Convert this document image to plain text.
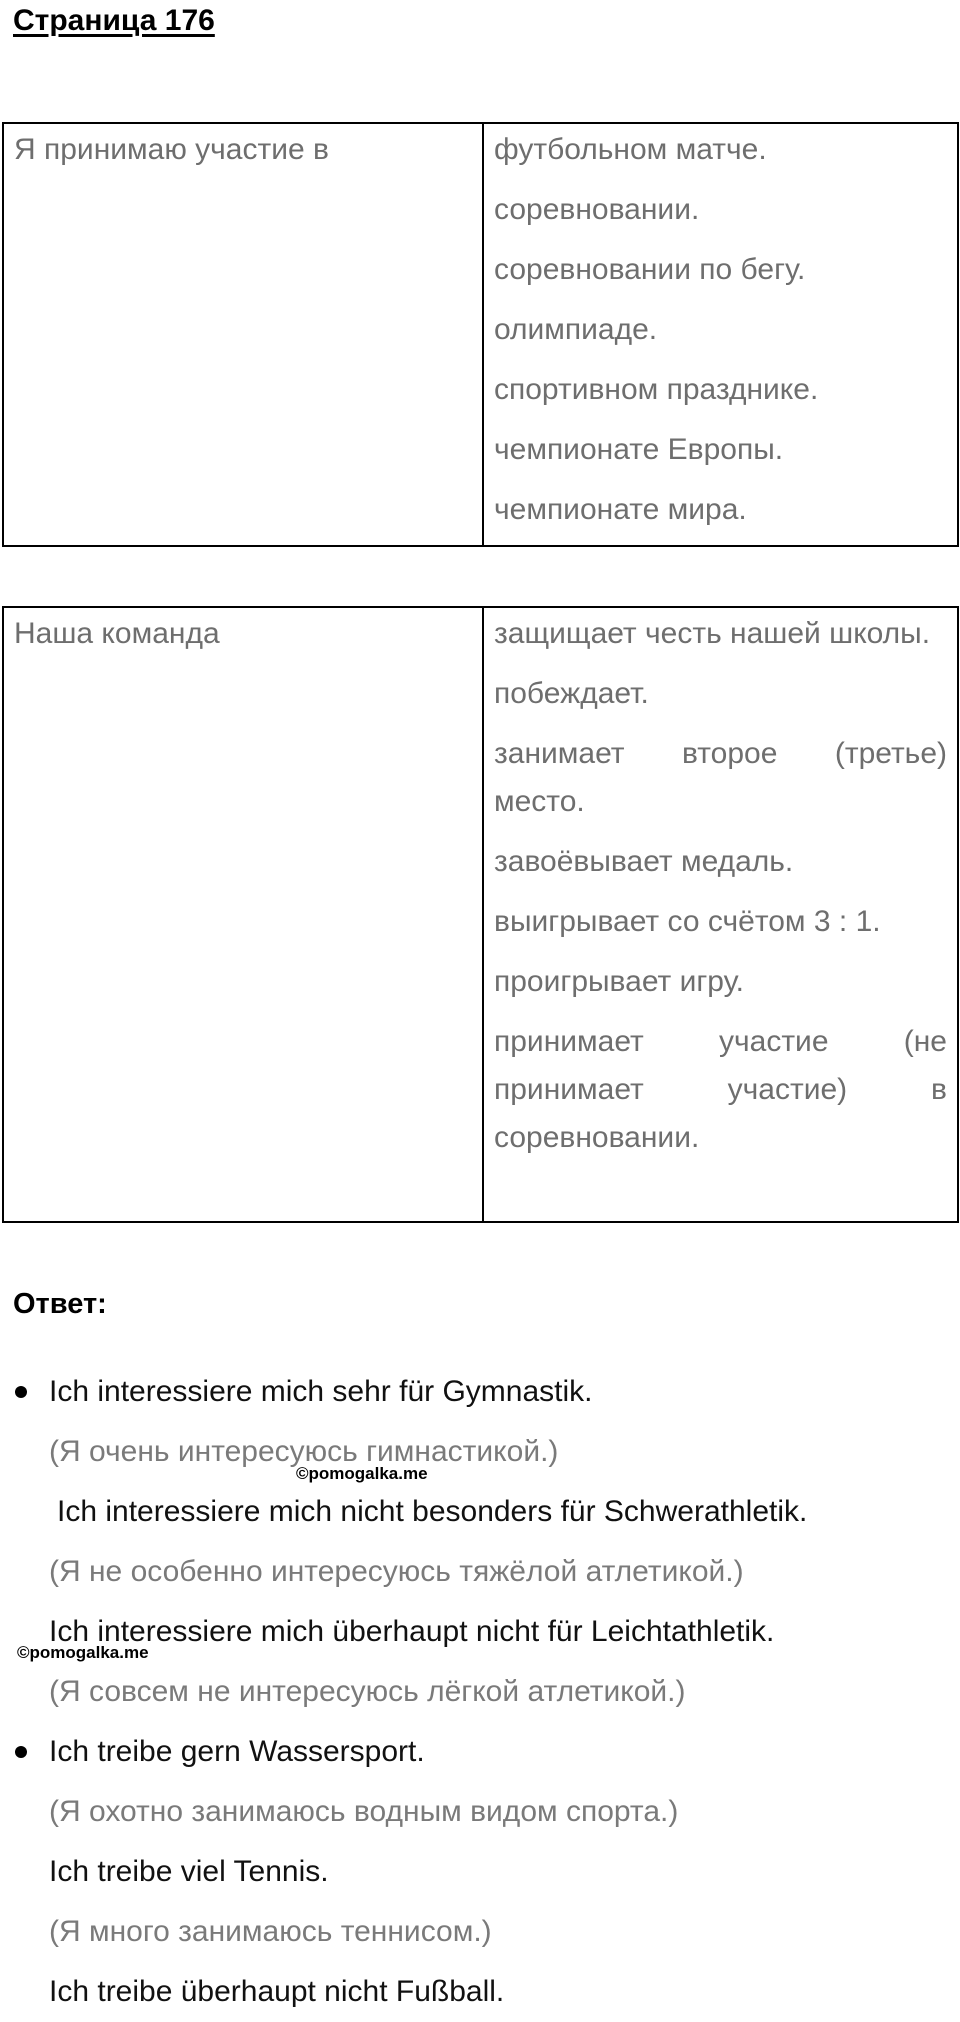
Страница 176
Я принимаю участие в	футбольном матче.
соревновании.
соревновании по бегу.
олимпиаде.
спортивном празднике.
чемпионате Европы.
чемпионате мира.
Наша команда	защищает честь нашей школы.
побеждает.
занимает второе (третье) место.
завоёвывает медаль.
выигрывает со счётом 3 : 1.
проигрывает игру.
принимает участие (не принимает участие) в соревновании.
Ответ:
Ich interessiere mich sehr für Gymnastik.
(Я очень интересуюсь гимнастикой.)
Ich interessiere mich nicht besonders für Schwerathletik.
(Я не особенно интересуюсь тяжёлой атлетикой.)
Ich interessiere mich überhaupt nicht für Leichtathletik.
(Я совсем не интересуюсь лёгкой атлетикой.)
Ich treibe gern Wassersport.
(Я охотно занимаюсь водным видом спорта.)
Ich treibe viel Tennis.
(Я много занимаюсь теннисом.)
Ich treibe überhaupt nicht Fußball.
©pomogalka.me
©pomogalka.me
